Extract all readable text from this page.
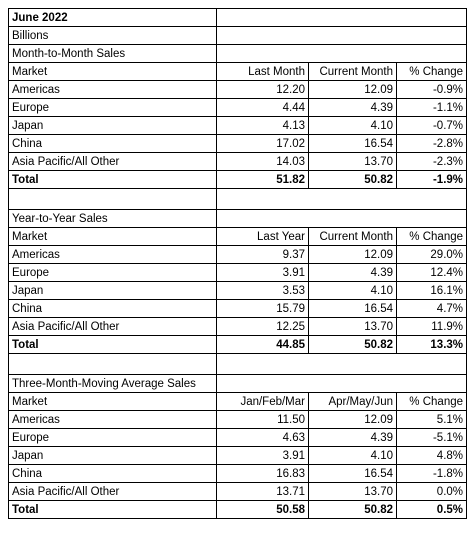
June 2022			
Billions			
Month-to-Month Sales			
Market	Last Month	Current Month	% Change
Americas	12.20	12.09	-0.9%
Europe	4.44	4.39	-1.1%
Japan	4.13	4.10	-0.7%
China	17.02	16.54	-2.8%
Asia Pacific/All Other	14.03	13.70	-2.3%
Total	51.82	50.82	-1.9%

Year-to-Year Sales			
Market	Last Year	Current Month	% Change
Americas	9.37	12.09	29.0%
Europe	3.91	4.39	12.4%
Japan	3.53	4.10	16.1%
China	15.79	16.54	4.7%
Asia Pacific/All Other	12.25	13.70	11.9%
Total	44.85	50.82	13.3%

Three-Month-Moving Average Sales			
Market	Jan/Feb/Mar	Apr/May/Jun	% Change
Americas	11.50	12.09	5.1%
Europe	4.63	4.39	-5.1%
Japan	3.91	4.10	4.8%
China	16.83	16.54	-1.8%
Asia Pacific/All Other	13.71	13.70	0.0%
Total	50.58	50.82	0.5%
